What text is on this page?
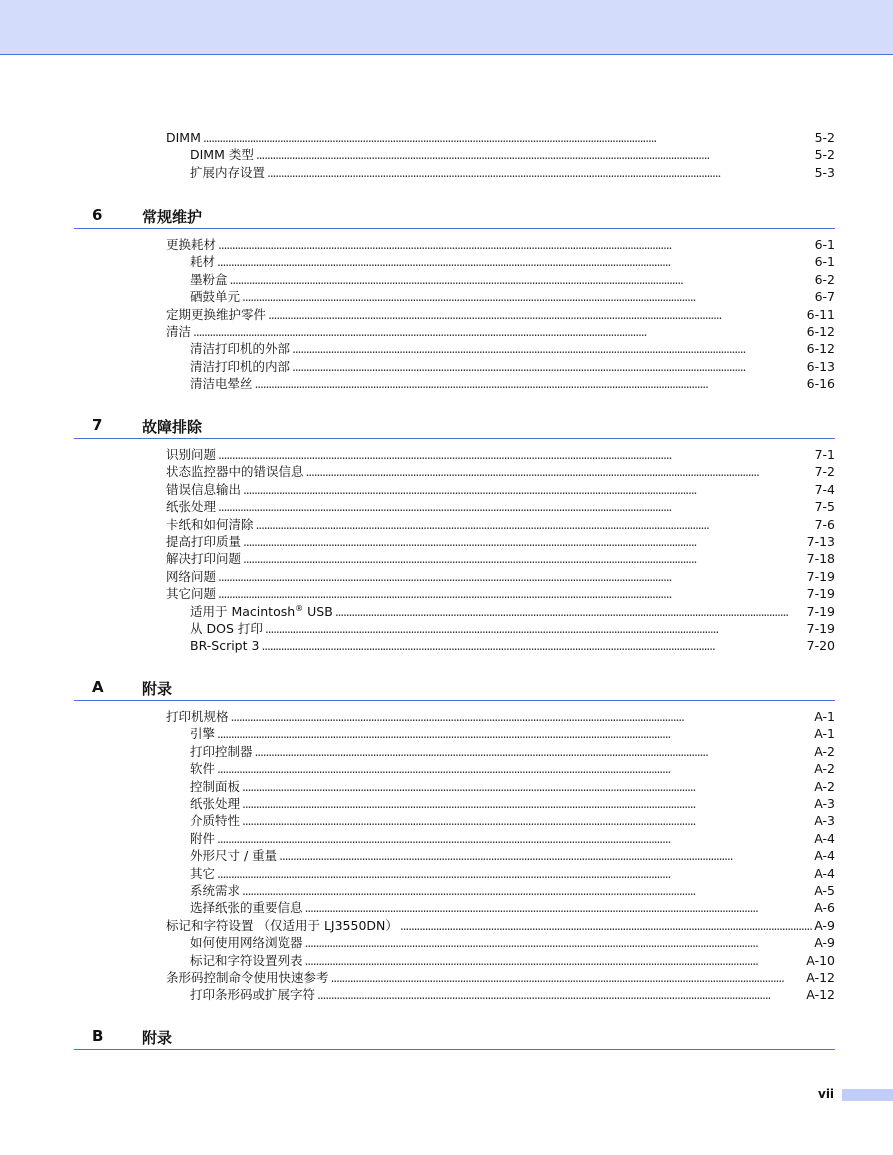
DIMM . . .	5-2
DIMM 类型 . . .	5-2
扩展内存设置 . . .	5-3
6	常规维护
更换耗材 . . .	6-1
耗材 . . .	6-1
墨粉盒 . . .	6-2
硒鼓单元 . . .	6-7
定期更换维护零件 . . .	6-11
清洁 . . .	6-12
清洁打印机的外部 . . .	6-12
清洁打印机的内部 . . .	6-13
清洁电晕丝 . . .	6-16
7	故障排除
识别问题 . . .	7-1
状态监控器中的错误信息 . . .	7-2
错误信息输出 . . .	7-4
纸张处理 . . .	7-5
卡纸和如何清除 . . .	7-6
提高打印质量 . . .	7-13
解决打印问题 . . .	7-18
网络问题 . . .	7-19
其它问题 . . .	7-19
适用于 Macintosh® USB . . .	7-19
从 DOS 打印 . . .	7-19
BR-Script 3 . . .	7-20
A	附录
打印机规格 . . .	A-1
引擎 . . .	A-1
打印控制器 . . .	A-2
软件 . . .	A-2
控制面板 . . .	A-2
纸张处理 . . .	A-3
介质特性 . . .	A-3
附件 . . .	A-4
外形尺寸 / 重量 . . .	A-4
其它 . . .	A-4
系统需求 . . .	A-5
选择纸张的重要信息 . . .	A-6
标记和字符设置 （仅适用于 LJ3550DN） . . .	A-9
如何使用网络浏览器 . . .	A-9
标记和字符设置列表 . . .	A-10
条形码控制命令使用快速参考 . . .	A-12
打印条形码或扩展字符 . . .	A-12
B	附录
vii
